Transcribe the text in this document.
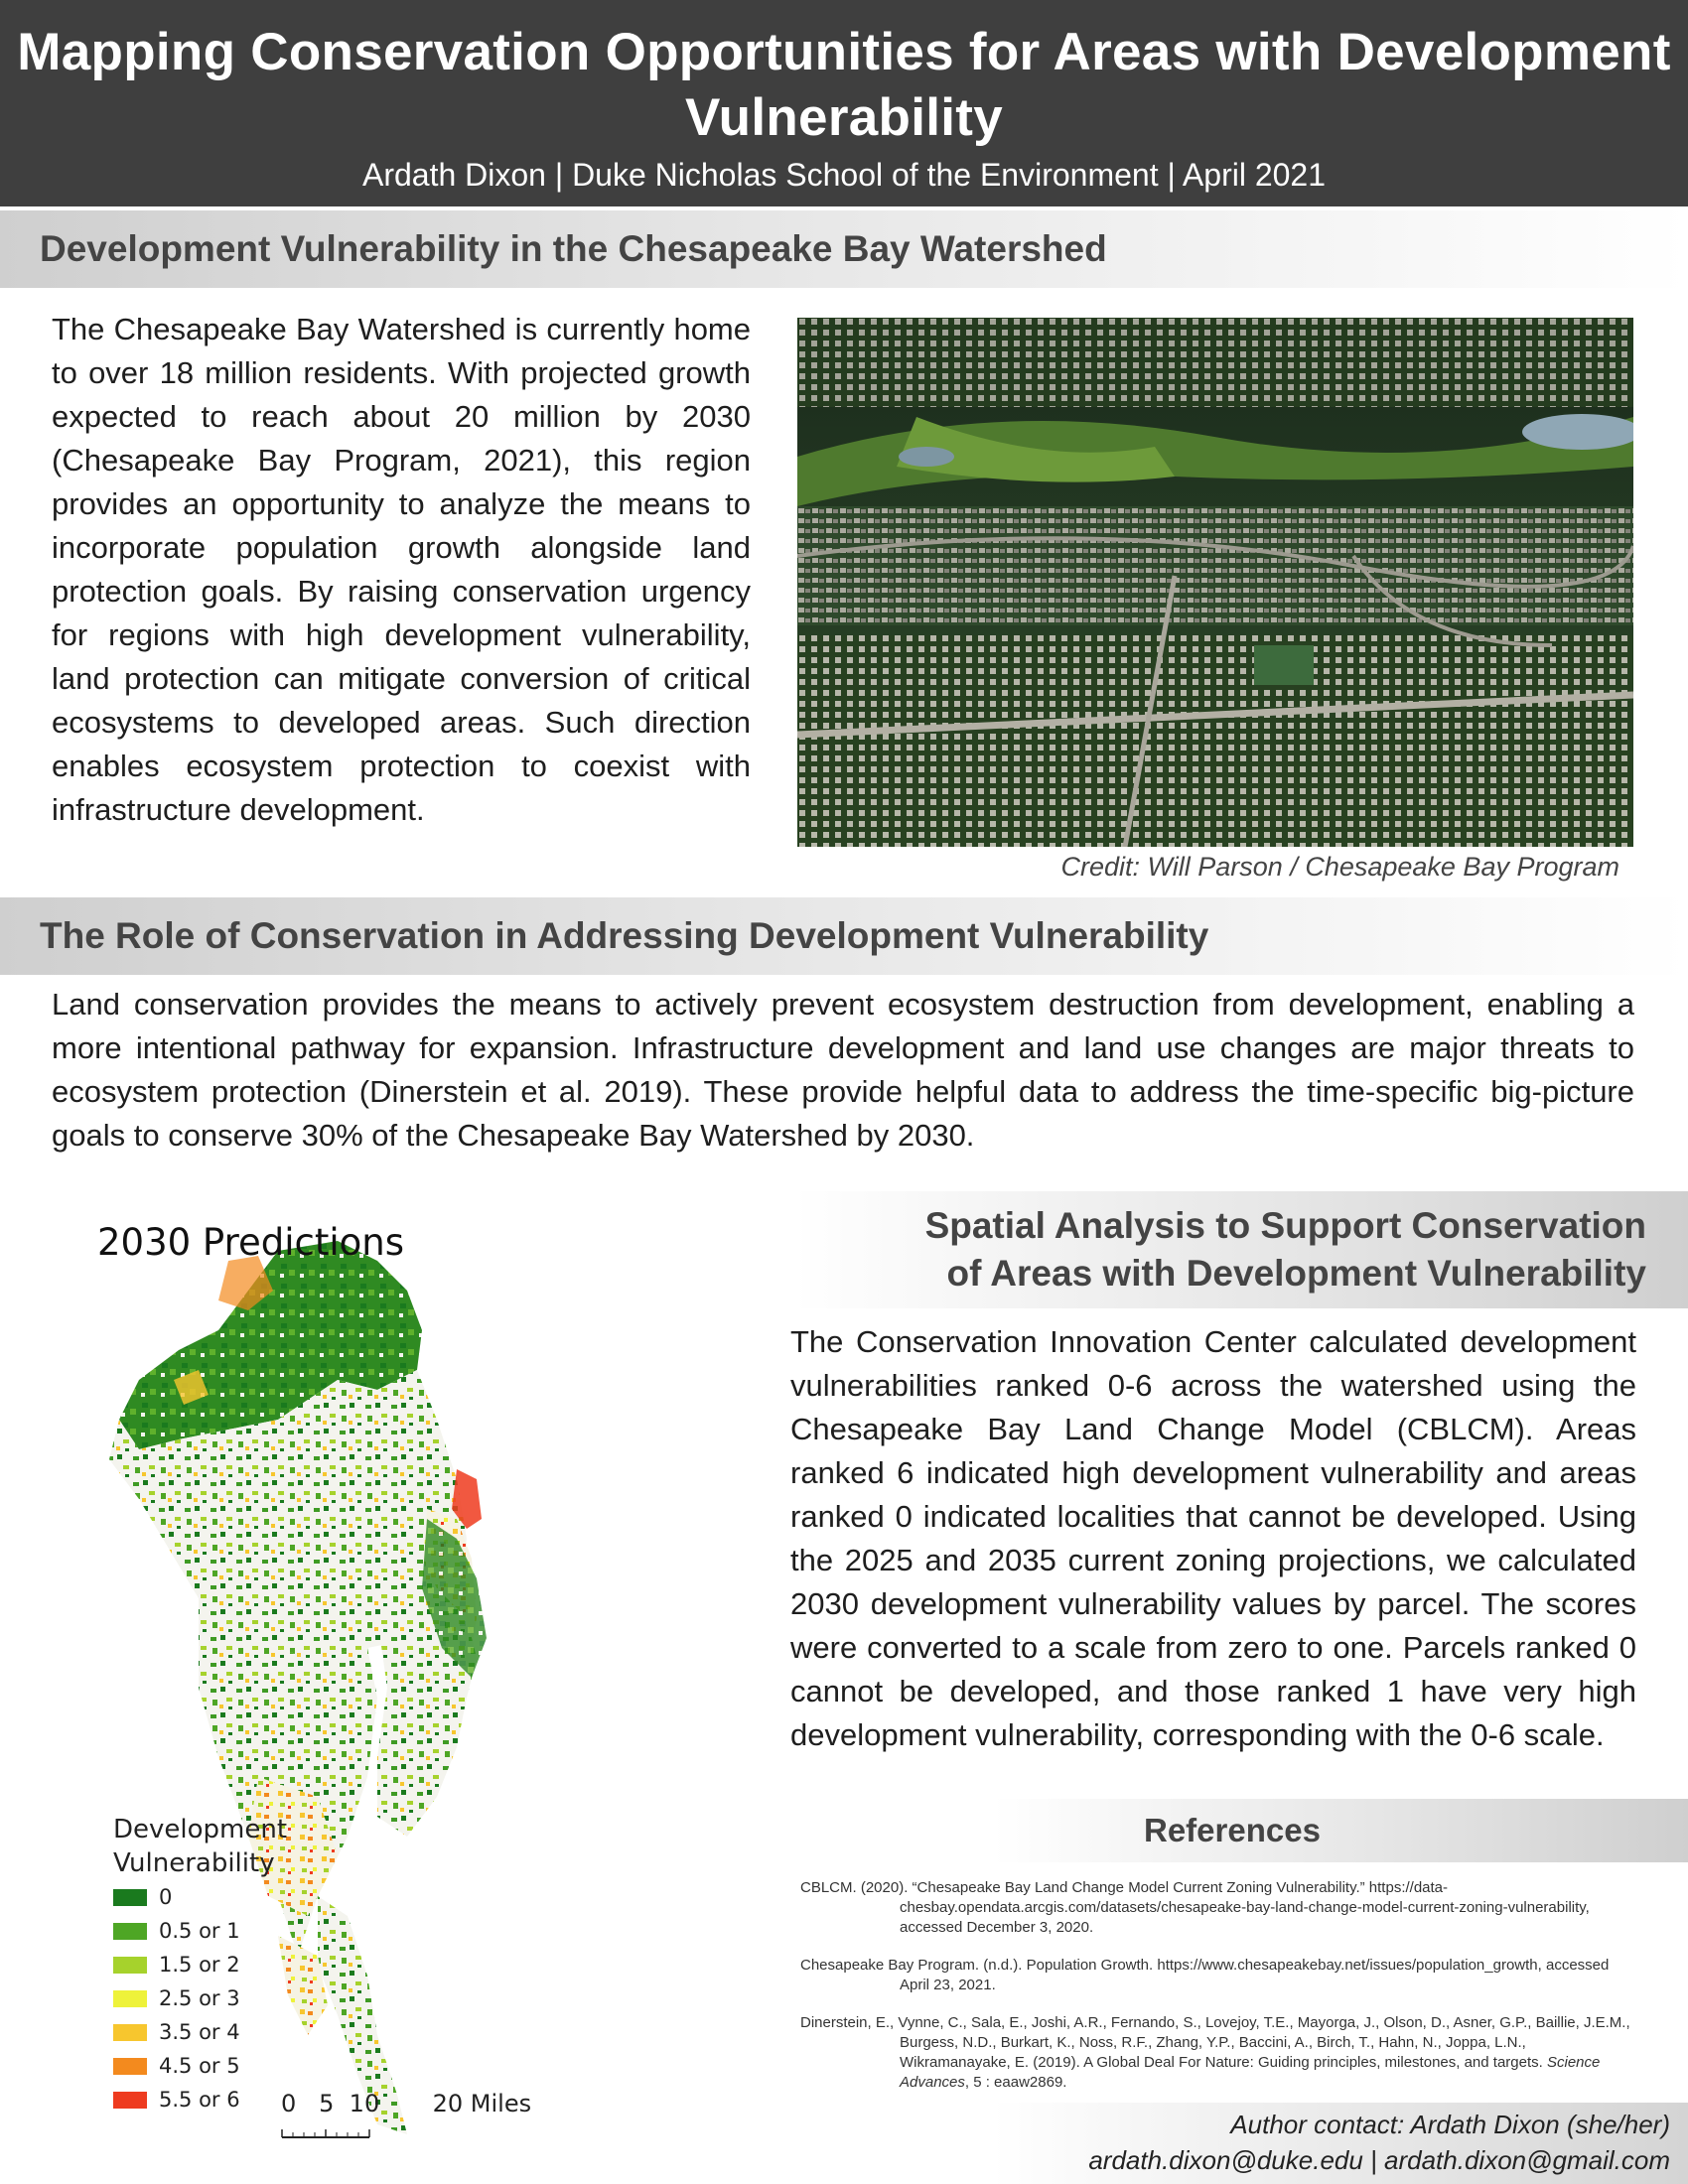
Mapping Conservation Opportunities for Areas with Development Vulnerability
Ardath Dixon | Duke Nicholas School of the Environment | April 2021
Development Vulnerability in the Chesapeake Bay Watershed
The Chesapeake Bay Watershed is currently home to over 18 million residents. With projected growth expected to reach about 20 million by 2030 (Chesapeake Bay Program, 2021), this region provides an opportunity to analyze the means to incorporate population growth alongside land protection goals. By raising conservation urgency for regions with high development vulnerability, land protection can mitigate conversion of critical ecosystems to developed areas. Such direction enables ecosystem protection to coexist with infrastructure development.
Credit: Will Parson / Chesapeake Bay Program
The Role of Conservation in Addressing Development Vulnerability
Land conservation provides the means to actively prevent ecosystem destruction from development, enabling a more intentional pathway for expansion. Infrastructure development and land use changes are major threats to ecosystem protection (Dinerstein et al. 2019). These provide helpful data to address the time-specific big-picture goals to conserve 30% of the Chesapeake Bay Watershed by 2030.
2030 Predictions
Development
Vulnerability
0
0.5 or 1
1.5 or 2
2.5 or 3
3.5 or 4
4.5 or 5
5.5 or 6 0   5  10       20 Miles
Spatial Analysis to Support Conservation
of Areas with Development Vulnerability
The Conservation Innovation Center calculated development vulnerabilities ranked 0-6 across the watershed using the Chesapeake Bay Land Change Model (CBLCM). Areas ranked 6 indicated high development vulnerability and areas ranked 0 indicated localities that cannot be developed. Using the 2025 and 2035 current zoning projections, we calculated 2030 development vulnerability values by parcel. The scores were converted to a scale from zero to one. Parcels ranked 0 cannot be developed, and those ranked 1 have very high development vulnerability, corresponding with the 0-6 scale.
References
CBLCM. (2020). “Chesapeake Bay Land Change Model Current Zoning Vulnerability.” https://data-chesbay.opendata.arcgis.com/datasets/chesapeake-bay-land-change-model-current-zoning-vulnerability, accessed December 3, 2020.
Chesapeake Bay Program. (n.d.). Population Growth. https://www.chesapeakebay.net/issues/population_growth, accessed April 23, 2021.
Dinerstein, E., Vynne, C., Sala, E., Joshi, A.R., Fernando, S., Lovejoy, T.E., Mayorga, J., Olson, D., Asner, G.P., Baillie, J.E.M., Burgess, N.D., Burkart, K., Noss, R.F., Zhang, Y.P., Baccini, A., Birch, T., Hahn, N., Joppa, L.N., Wikramanayake, E. (2019). A Global Deal For Nature: Guiding principles, milestones, and targets. Science Advances, 5 : eaaw2869.
Author contact: Ardath Dixon (she/her)
ardath.dixon@duke.edu | ardath.dixon@gmail.com
